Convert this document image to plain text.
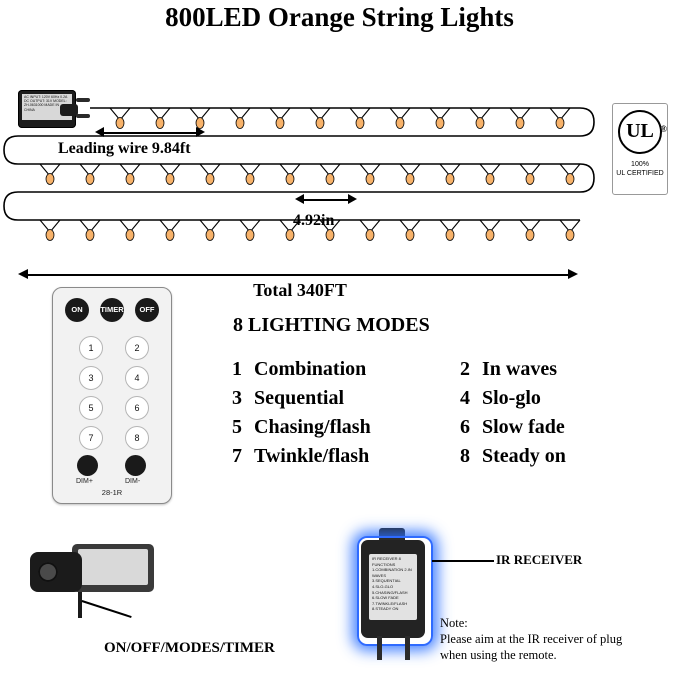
800LED Orange String Lights
AC INPUT: 120V 60Hz 0.2A DC OUTPUT: 31V MODEL: ZH-0631000 MADE IN CHINA
Leading wire 9.84ft
4.92in
Total 340FT
UL ®
100%
UL CERTIFIED
ON	TIMER	OFF
1	2
3	4
5	6
7	8
DIM+	DIM-
28-1R
8 LIGHTING MODES
1 Combination	2 In waves
3 Sequential	4 Slo-glo
5 Chasing/flash	6 Slow fade
7 Twinkle/flash	8 Steady on
ON/OFF/MODES/TIMER
IR RECEIVER 8 FUNCTIONS 1.COMBINATION 2.IN WAVES 3.SEQUENTIAL 4.SLO-GLO 5.CHASING/FLASH 6.SLOW FADE 7.TWINKLE/FLASH 8.STEADY ON
IR RECEIVER
Note:
Please aim at the IR receiver of plug
when using the remote.
